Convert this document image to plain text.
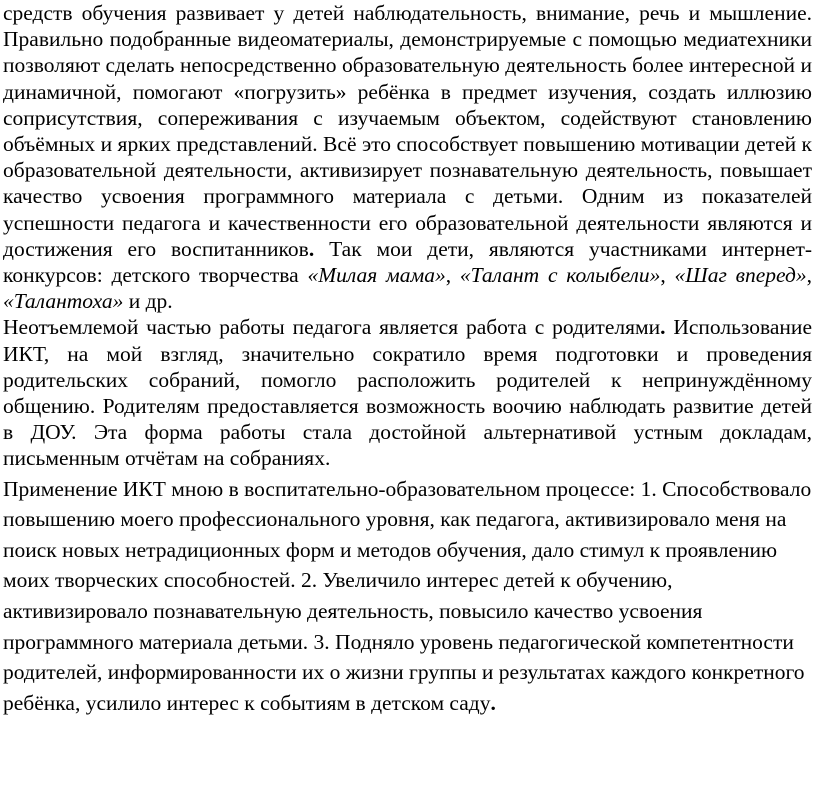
средств обучения развивает у детей наблюдательность, внимание, речь и мышление. Правильно подобранные видеоматериалы, демонстрируемые с помощью медиатехники позволяют сделать непосредственно образовательную деятельность более интересной и динамичной, помогают «погрузить» ребёнка в предмет изучения, создать иллюзию соприсутствия, сопереживания с изучаемым объектом, содействуют становлению объёмных и ярких представлений. Всё это способствует повышению мотивации детей к образовательной деятельности, активизирует познавательную деятельность, повышает качество усвоения программного материала с детьми. Одним из показателей успешности педагога и качественности его образовательной деятельности являются и достижения его воспитанников. Так мои дети, являются участниками интернет-конкурсов: детского творчества «Милая мама», «Талант с колыбели», «Шаг вперед», «Талантоха» и др.

Неотъемлемой частью работы педагога является работа с родителями. Использование ИКТ, на мой взгляд, значительно сократило время подготовки и проведения родительских собраний, помогло расположить родителей к непринуждённому общению. Родителям предоставляется возможность воочию наблюдать развитие детей в ДОУ. Эта форма работы стала достойной альтернативой устным докладам, письменным отчётам на собраниях.

Применение ИКТ мною в воспитательно-образовательном процессе: 1. Способствовало повышению моего профессионального уровня, как педагога, активизировало меня на поиск новых нетрадиционных форм и методов обучения, дало стимул к проявлению моих творческих способностей. 2. Увеличило интерес детей к обучению, активизировало познавательную деятельность, повысило качество усвоения программного материала детьми. 3. Подняло уровень педагогической компетентности родителей, информированности их о жизни группы и результатах каждого конкретного ребёнка, усилило интерес к событиям в детском саду.
